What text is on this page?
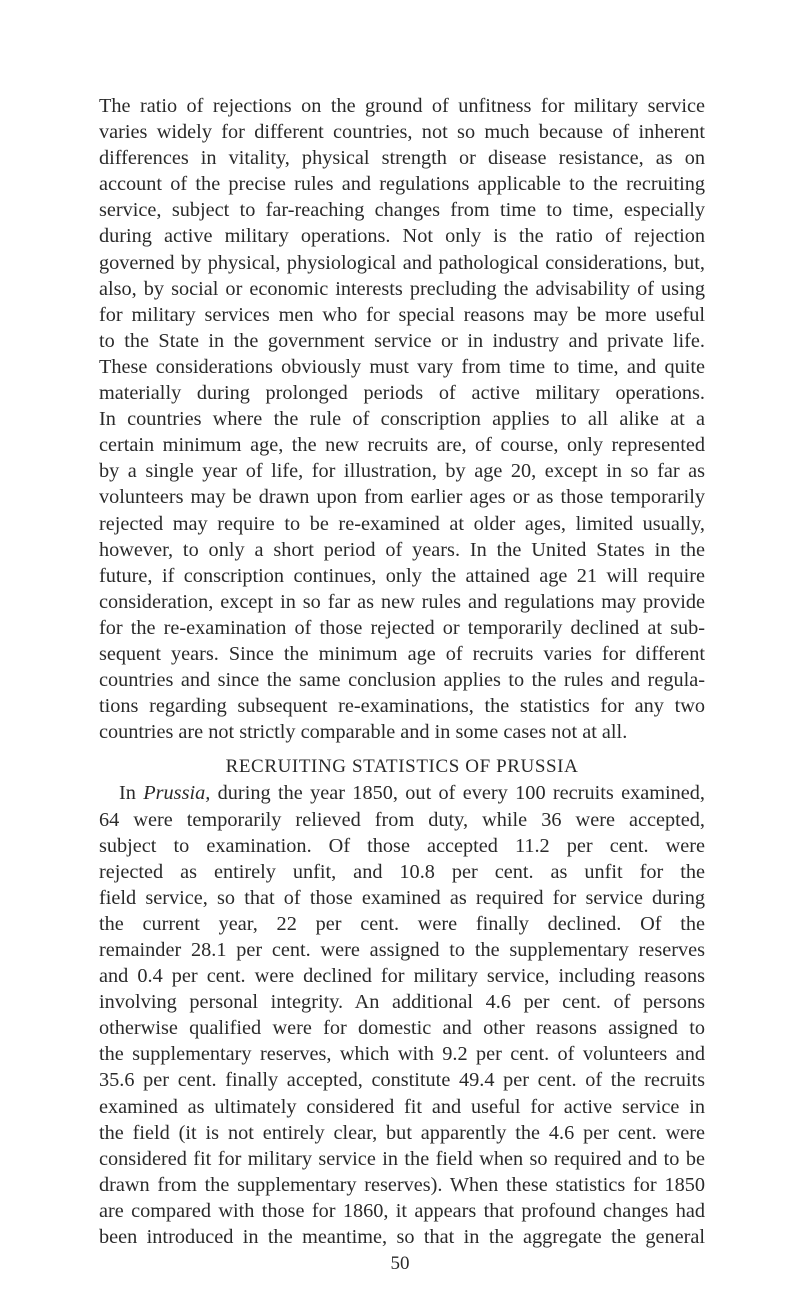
The ratio of rejections on the ground of unfitness for military service
varies widely for different countries, not so much because of inherent
differences in vitality, physical strength or disease resistance, as on
account of the precise rules and regulations applicable to the recruiting
service, subject to far-reaching changes from time to time, especially
during active military operations. Not only is the ratio of rejection
governed by physical, physiological and pathological considerations, but,
also, by social or economic interests precluding the advisability of using
for military services men who for special reasons may be more useful
to the State in the government service or in industry and private life.
These considerations obviously must vary from time to time, and quite
materially during prolonged periods of active military operations.
In countries where the rule of conscription applies to all alike at a
certain minimum age, the new recruits are, of course, only represented
by a single year of life, for illustration, by age 20, except in so far as
volunteers may be drawn upon from earlier ages or as those temporarily
rejected may require to be re-examined at older ages, limited usually,
however, to only a short period of years. In the United States in the
future, if conscription continues, only the attained age 21 will require
consideration, except in so far as new rules and regulations may provide
for the re-examination of those rejected or temporarily declined at sub-
sequent years. Since the minimum age of recruits varies for different
countries and since the same conclusion applies to the rules and regula-
tions regarding subsequent re-examinations, the statistics for any two
countries are not strictly comparable and in some cases not at all.
RECRUITING STATISTICS OF PRUSSIA
In Prussia, during the year 1850, out of every 100 recruits examined,
64 were temporarily relieved from duty, while 36 were accepted,
subject to examination. Of those accepted 11.2 per cent. were
rejected as entirely unfit, and 10.8 per cent. as unfit for the
field service, so that of those examined as required for service during
the current year, 22 per cent. were finally declined. Of the
remainder 28.1 per cent. were assigned to the supplementary reserves
and 0.4 per cent. were declined for military service, including reasons
involving personal integrity. An additional 4.6 per cent. of persons
otherwise qualified were for domestic and other reasons assigned to
the supplementary reserves, which with 9.2 per cent. of volunteers and
35.6 per cent. finally accepted, constitute 49.4 per cent. of the recruits
examined as ultimately considered fit and useful for active service in
the field (it is not entirely clear, but apparently the 4.6 per cent. were
considered fit for military service in the field when so required and to be
drawn from the supplementary reserves). When these statistics for 1850
are compared with those for 1860, it appears that profound changes had
been introduced in the meantime, so that in the aggregate the general
50
